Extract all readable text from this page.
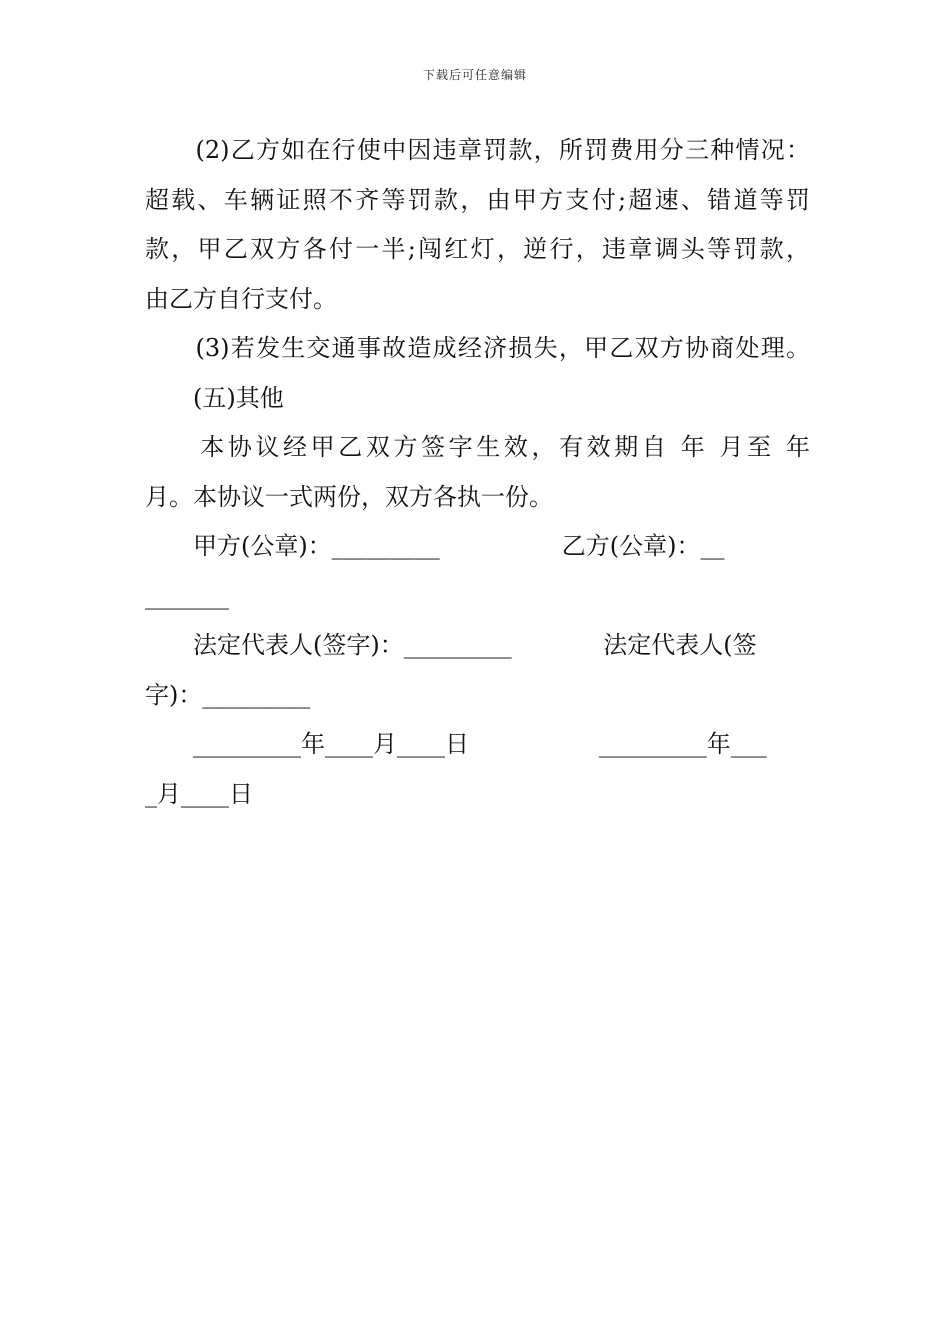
下载后可任意编辑
　　(2)乙方如在行使中因违章罚款，所罚费用分三种情况：
超载、车辆证照不齐等罚款，由甲方支付;超速、错道等罚
款，甲乙双方各付一半;闯红灯，逆行，违章调头等罚款，
由乙方自行支付。
　　(3)若发生交通事故造成经济损失，甲乙双方协商处理。
　　(五)其他
　　本协议经甲乙双方签字生效，有效期自 年 月至 年
月。本协议一式两份，双方各执一份。
　　甲方(公章)：_________                乙方(公章)：__
_______
　　法定代表人(签字)：_________            法定代表人(签
字)：_________
　　_________年____月____日                 _________年___
_月____日
